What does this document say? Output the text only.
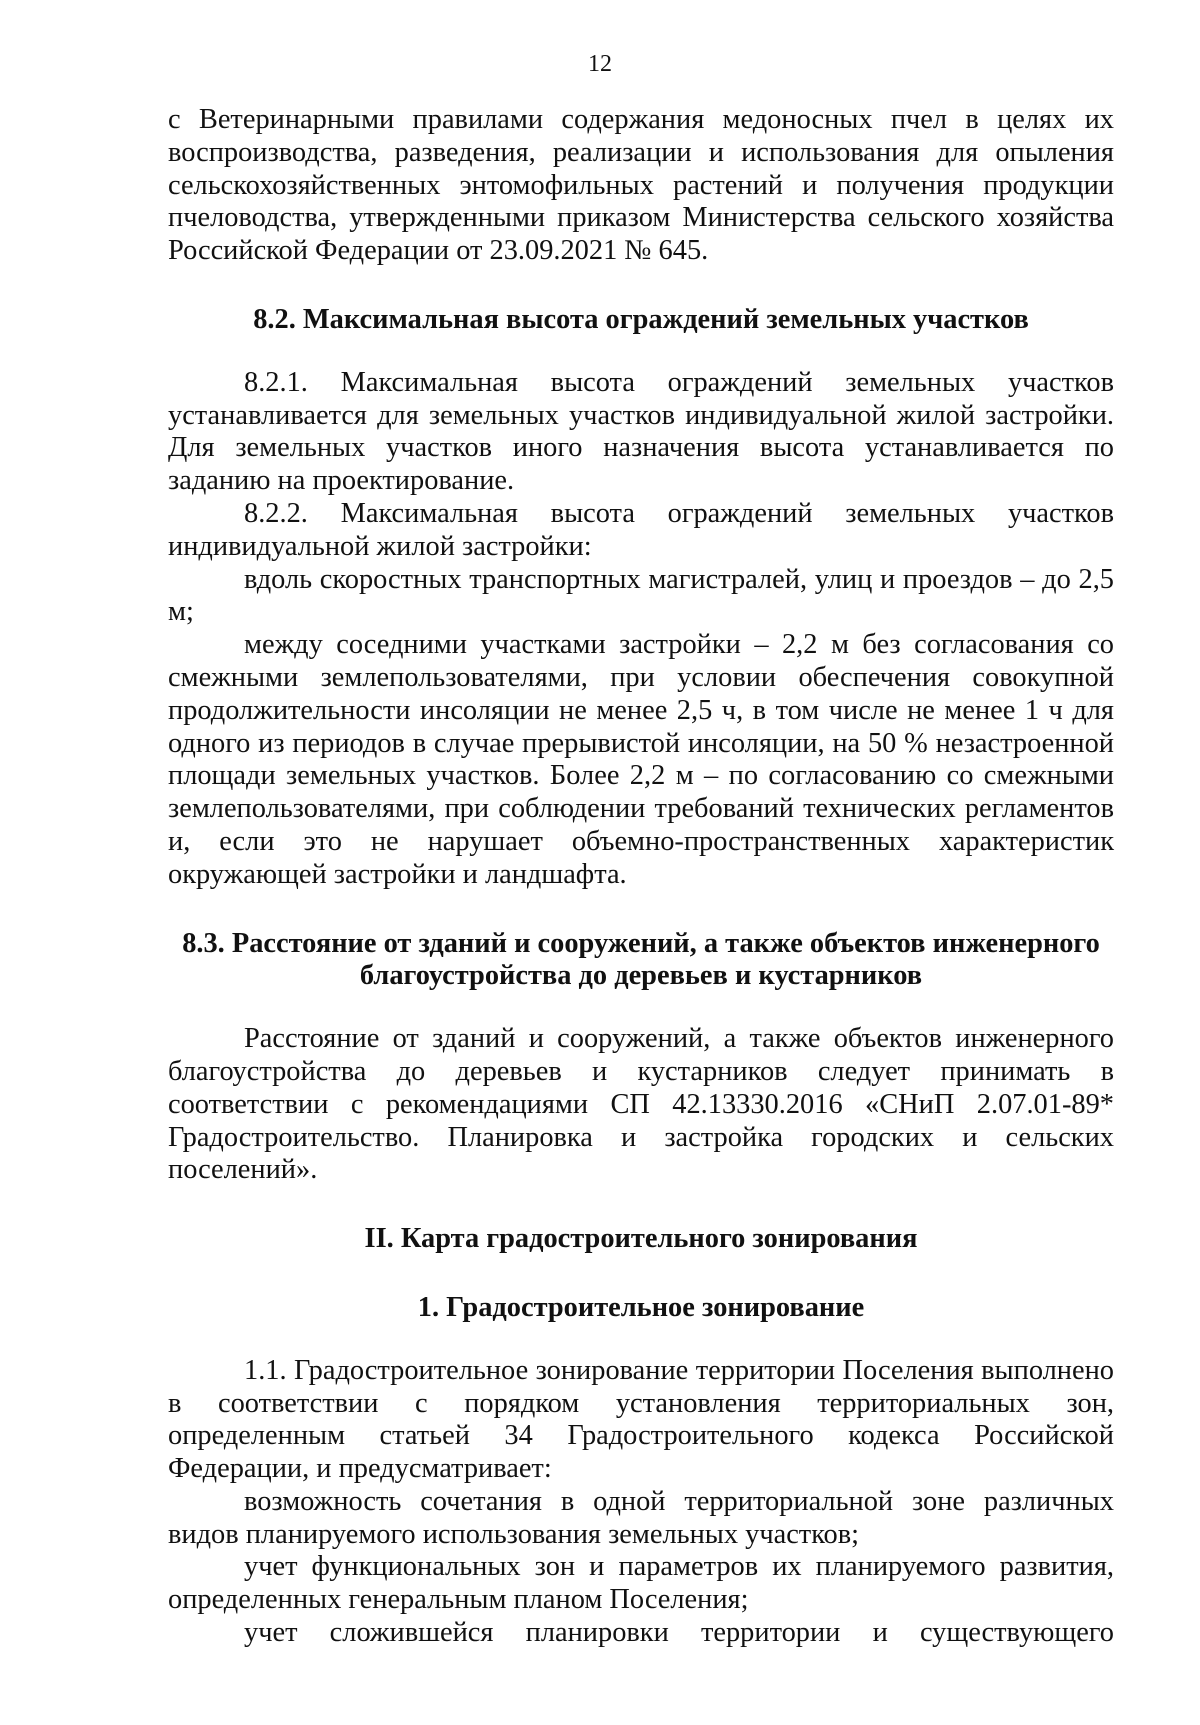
12

с Ветеринарными правилами содержания медоносных пчел в целях их воспроизводства, разведения, реализации и использования для опыления сельскохозяйственных энтомофильных растений и получения продукции пчеловодства, утвержденными приказом Министерства сельского хозяйства Российской Федерации от 23.09.2021 № 645.

8.2. Максимальная высота ограждений земельных участков

8.2.1. Максимальная высота ограждений земельных участков устанавливается для земельных участков индивидуальной жилой застройки. Для земельных участков иного назначения высота устанавливается по заданию на проектирование.

8.2.2. Максимальная высота ограждений земельных участков индивидуальной жилой застройки:

вдоль скоростных транспортных магистралей, улиц и проездов – до 2,5 м;

между соседними участками застройки – 2,2 м без согласования со смежными землепользователями, при условии обеспечения совокупной продолжительности инсоляции не менее 2,5 ч, в том числе не менее 1 ч для одного из периодов в случае прерывистой инсоляции, на 50 % незастроенной площади земельных участков. Более 2,2 м – по согласованию со смежными землепользователями, при соблюдении требований технических регламентов и, если это не нарушает объемно-пространственных характеристик окружающей застройки и ландшафта.

8.3. Расстояние от зданий и сооружений, а также объектов инженерного благоустройства до деревьев и кустарников

Расстояние от зданий и сооружений, а также объектов инженерного благоустройства до деревьев и кустарников следует принимать в соответствии с рекомендациями СП 42.13330.2016 «СНиП 2.07.01-89* Градостроительство. Планировка и застройка городских и сельских поселений».

II. Карта градостроительного зонирования

1. Градостроительное зонирование

1.1. Градостроительное зонирование территории Поселения выполнено в соответствии с порядком установления территориальных зон, определенным статьей 34 Градостроительного кодекса Российской Федерации, и предусматривает:

возможность сочетания в одной территориальной зоне различных видов планируемого использования земельных участков;

учет функциональных зон и параметров их планируемого развития, определенных генеральным планом Поселения;

учет сложившейся планировки территории и существующего
